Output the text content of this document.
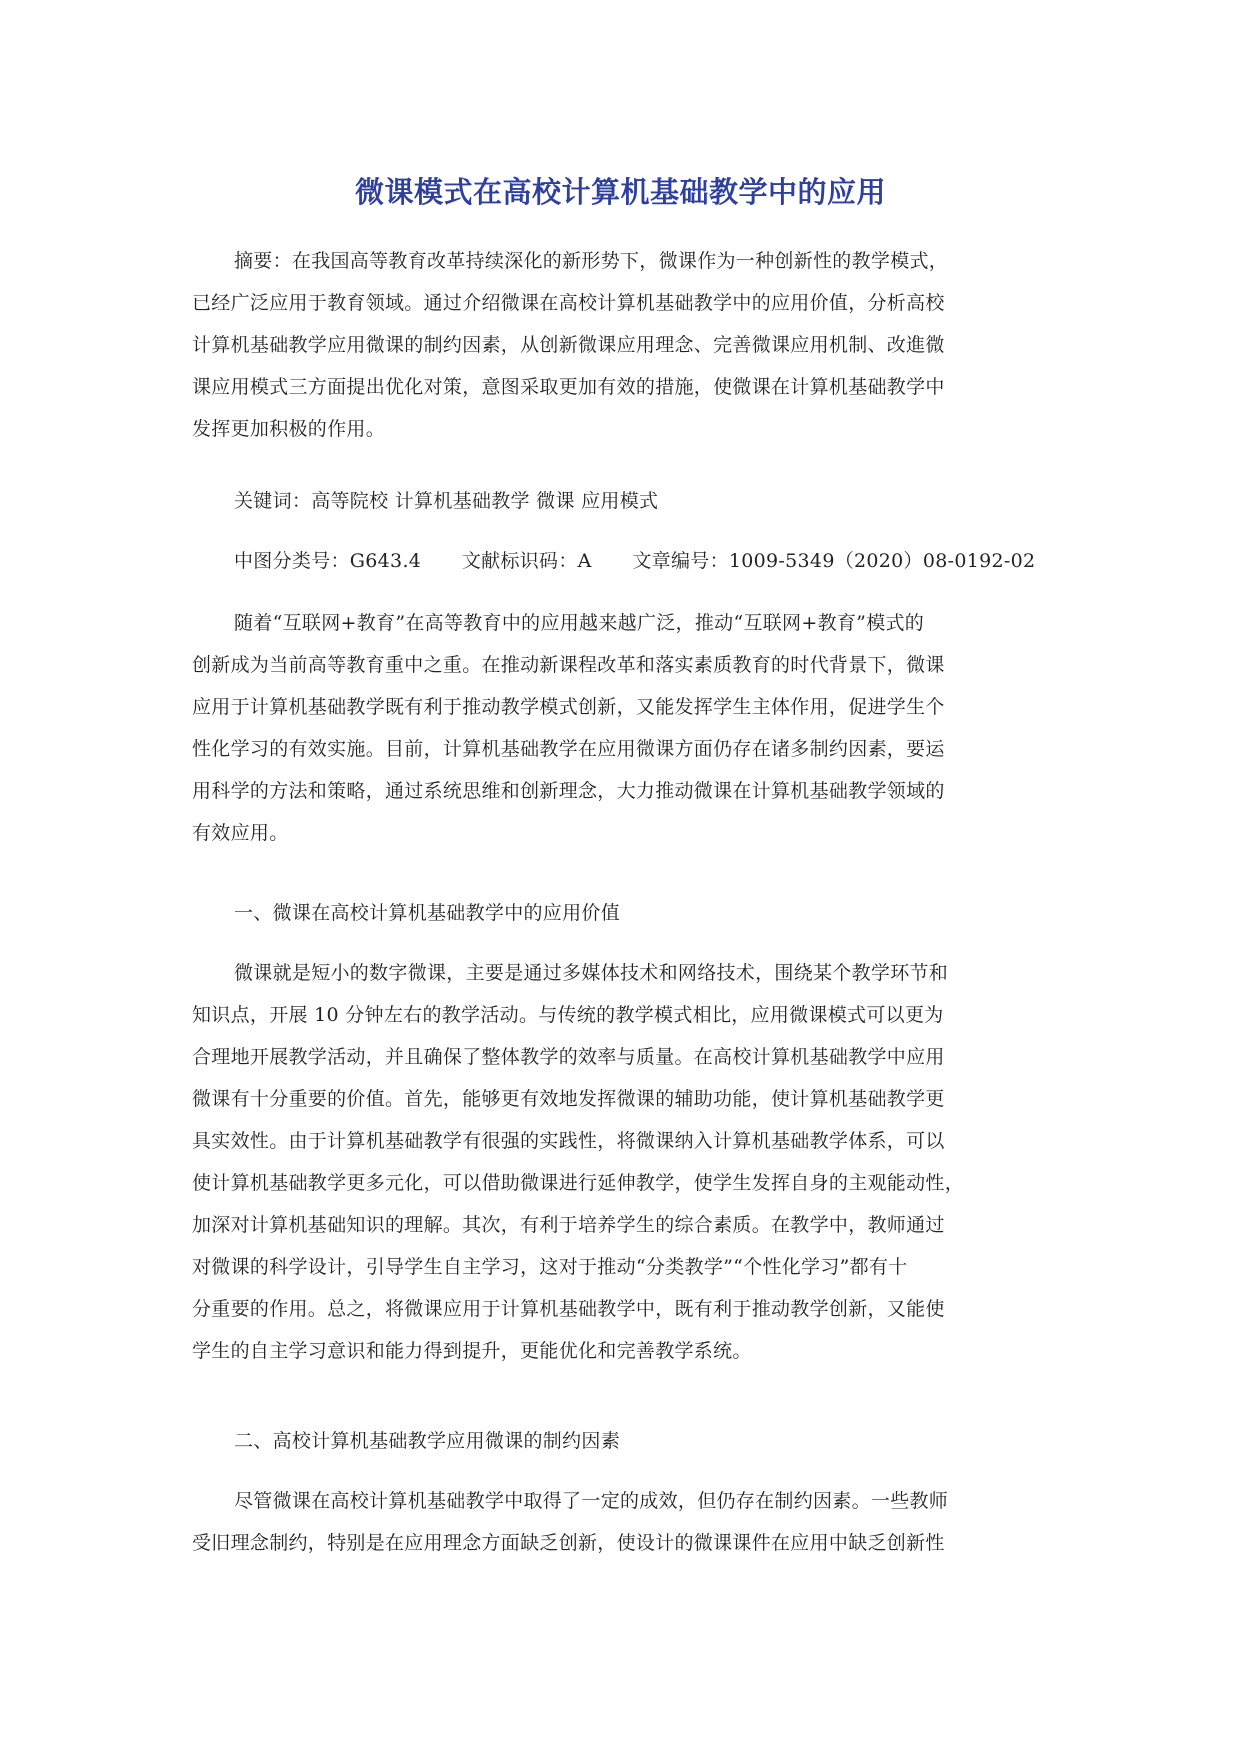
微课模式在高校计算机基础教学中的应用
摘要：在我国高等教育改革持续深化的新形势下，微课作为一种创新性的教学模式，
已经广泛应用于教育领域。通过介绍微课在高校计算机基础教学中的应用价值，分析高校
计算机基础教学应用微课的制约因素，从创新微课应用理念、完善微课应用机制、改進微
课应用模式三方面提出优化对策，意图采取更加有效的措施，使微课在计算机基础教学中
发挥更加积极的作用。
关键词：高等院校 计算机基础教学 微课 应用模式
中图分类号：G643.4 文献标识码：A 文章编号：1009-5349（2020）08-0192-02
随着“互联网+教育”在高等教育中的应用越来越广泛，推动“互联网+教育”模式的
创新成为当前高等教育重中之重。在推动新课程改革和落实素质教育的时代背景下，微课
应用于计算机基础教学既有利于推动教学模式创新，又能发挥学生主体作用，促进学生个
性化学习的有效实施。目前，计算机基础教学在应用微课方面仍存在诸多制约因素，要运
用科学的方法和策略，通过系统思维和创新理念，大力推动微课在计算机基础教学领域的
有效应用。
一、微课在高校计算机基础教学中的应用价值
微课就是短小的数字微课，主要是通过多媒体技术和网络技术，围绕某个教学环节和
知识点，开展 10 分钟左右的教学活动。与传统的教学模式相比，应用微课模式可以更为
合理地开展教学活动，并且确保了整体教学的效率与质量。在高校计算机基础教学中应用
微课有十分重要的价值。首先，能够更有效地发挥微课的辅助功能，使计算机基础教学更
具实效性。由于计算机基础教学有很强的实践性，将微课纳入计算机基础教学体系，可以
使计算机基础教学更多元化，可以借助微课进行延伸教学，使学生发挥自身的主观能动性，
加深对计算机基础知识的理解。其次，有利于培养学生的综合素质。在教学中，教师通过
对微课的科学设计，引导学生自主学习，这对于推动“分类教学”“个性化学习”都有十
分重要的作用。总之，将微课应用于计算机基础教学中，既有利于推动教学创新，又能使
学生的自主学习意识和能力得到提升，更能优化和完善教学系统。
二、高校计算机基础教学应用微课的制约因素
尽管微课在高校计算机基础教学中取得了一定的成效，但仍存在制约因素。一些教师
受旧理念制约，特别是在应用理念方面缺乏创新，使设计的微课课件在应用中缺乏创新性
